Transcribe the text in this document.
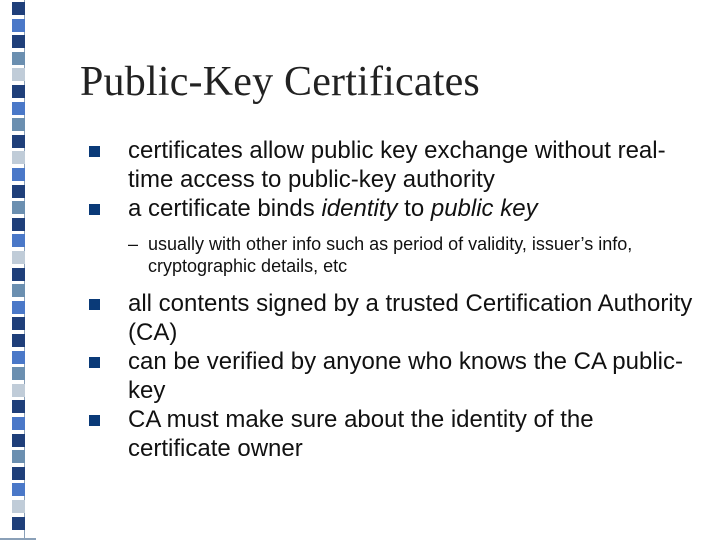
Public-Key Certificates
certificates allow public key exchange without real-time access to public-key authority
a certificate binds identity to public key
– usually with other info such as period of validity, issuer’s info, cryptographic details, etc
all contents signed by a trusted Certification Authority (CA)
can be verified by anyone who knows the CA public-key
CA must make sure about the identity of the certificate owner
